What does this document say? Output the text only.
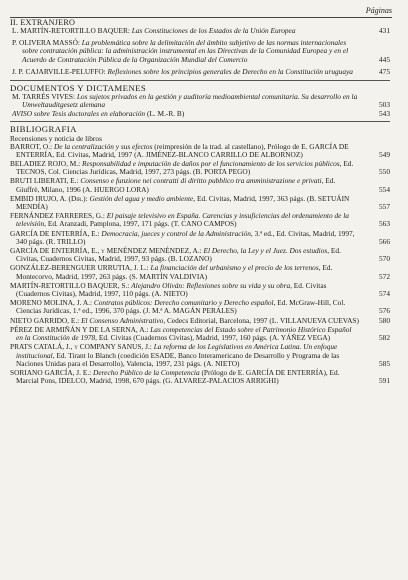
Páginas

II. EXTRANJERO

L. MARTÍN-RETORTILLO BAQUER: Las Constituciones de los Estados de la Unión Europea	431
P. OLIVERA MASSÓ: La problemática sobre la delimitación del ámbito subjetivo de las normas internacionales sobre contratación pública: la administración instrumental en las Directivas de la Comunidad Europea y en el Acuerdo de Contratación Pública de la Organización Mundial del Comercio	445
J. P. CAJARVILLE-PELUFFO: Reflexiones sobre los principios generales de Derecho en la Constitución uruguaya	475

DOCUMENTOS Y DICTAMENES

M. TARRÉS VIVES: Los sujetos privados en la gestión y auditoría medioambiental comunitaria. Su desarrollo en la Umweltauditgesetz alemana	503
AVISO sobre Tesis doctorales en elaboración (L. M.-R. B)	543

BIBLIOGRAFIA

Recensiones y noticia de libros

BARROT, O.: De la centralización y sus efectos (reimpresión de la trad. al castellano), Prólogo de E. GARCÍA DE ENTERRÍA, Ed. Civitas, Madrid, 1997 (A. JIMÉNEZ-BLANCO CARRILLO DE ALBORNOZ)	549
BELADIEZ ROJO, M.: Responsabilidad e imputación de daños por el funcionamiento de los servicios públicos, Ed. TECNOS, Col. Ciencias Jurídicas, Madrid, 1997, 273 págs. (B. PORTA PEGO)	550
BRUTI LIBERATI, E.: Consenso e funzione nei contratti di diritto pubblico tra amministrazione e privati, Ed. Giuffrè, Milano, 1996 (A. HUERGO LORA)	554
EMBID IRUJO, A. (Dir.): Gestión del agua y medio ambiente, Ed. Civitas, Madrid, 1997, 363 págs. (B. SETUÁIN MENDÍA)	557
FERNÁNDEZ FARRERES, G.: El paisaje televisivo en España. Carencias y insuficiencias del ordenamiento de la televisión, Ed. Aranzadi, Pamplona, 1997, 171 págs. (T. CANO CAMPOS)	563
GARCÍA DE ENTERRÍA, E.: Democracia, jueces y control de la Administración, 3.ª ed., Ed. Civitas, Madrid, 1997, 340 págs. (R. TRILLO)	566
GARCÍA DE ENTERRÍA, E., y MENÉNDEZ MENÉNDEZ, A.: El Derecho, la Ley y el Juez. Dos estudios, Ed. Civitas, Cuadernos Civitas, Madrid, 1997, 93 págs. (B. LOZANO)	570
GONZÁLEZ-BERENGUER URRUTIA, J. L.: La financiación del urbanismo y el precio de los terrenos, Ed. Montecorvo, Madrid, 1997, 263 págs. (S. MARTÍN VALDIVIA)	572
MARTÍN-RETORTILLO BAQUER, S.: Alejandro Oliván: Reflexiones sobre su vida y su obra, Ed. Civitas (Cuadernos Civitas), Madrid, 1997, 110 págs. (A. NIETO)	574
MORENO MOLINA, J. A.: Contratos públicos: Derecho comunitario y Derecho español, Ed. McGraw-Hill, Col. Ciencias Jurídicas, 1.ª ed., 1996, 370 págs. (J. M.ª A. MAGÁN PERALES)	576
NIETO GARRIDO, E.: El Consenso Administrativo, Cedecs Editorial, Barcelona, 1997 (L. VILLANUEVA CUEVAS)	580
PÉREZ DE ARMIÑÁN Y DE LA SERNA, A.: Las competencias del Estado sobre el Patrimonio Histórico Español en la Constitución de 1978, Ed. Civitas (Cuadernos Civitas), Madrid, 1997, 160 págs. (A. YÁÑEZ VEGA)	582
PRATS CATALÁ, J., y COMPANY SANUS, J.: La reforma de los Legislativos en América Latina. Un enfoque institucional, Ed. Tirant lo Blanch (coedición ESADE, Banco Interamericano de Desarrollo y Programa de las Naciones Unidas para el Desarrollo), Valencia, 1997, 231 págs. (A. NIETO)	585
SORIANO GARCÍA, J. E.: Derecho Público de la Competencia (Prólogo de E. GARCÍA DE ENTERRÍA), Ed. Marcial Pons, IDELCO, Madrid, 1998, 670 págs. (G. ALVAREZ-PALACIOS ARRIGHI)	591
